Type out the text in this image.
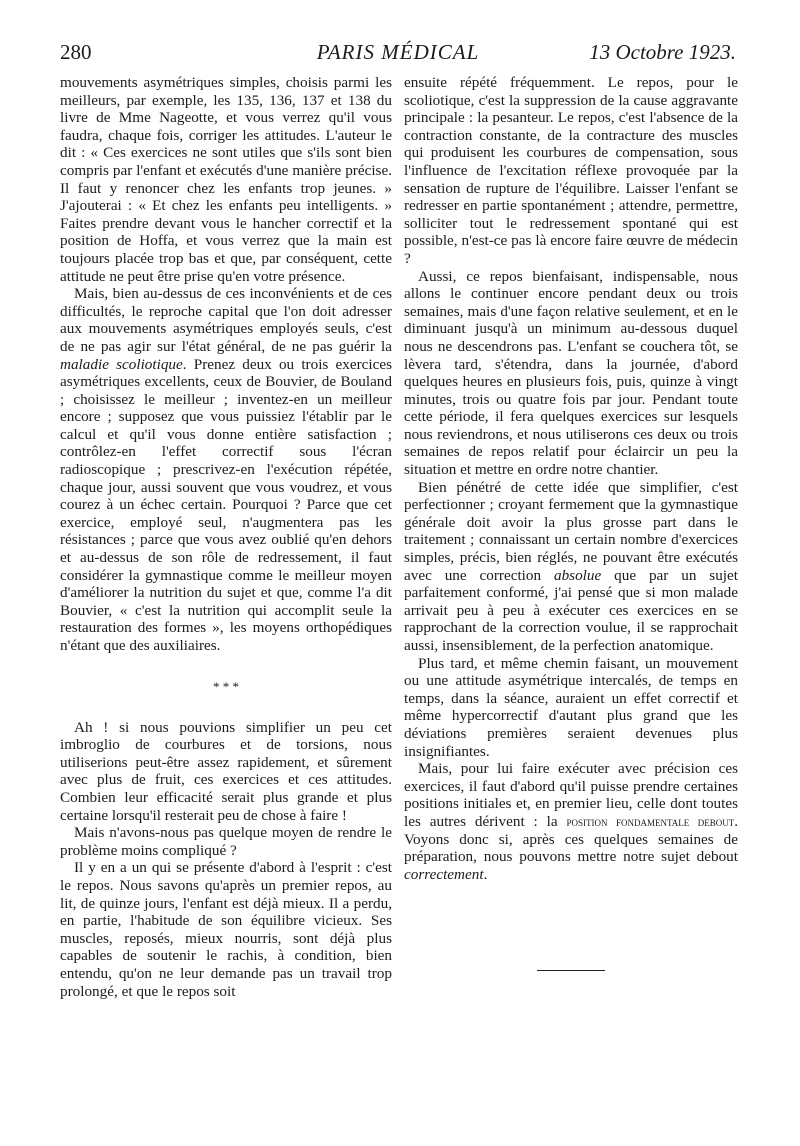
280	PARIS MÉDICAL	13 Octobre 1923.

mouvements asymétriques simples, choisis parmi les meilleurs, par exemple, les 135, 136, 137 et 138 du livre de Mme Nageotte, et vous verrez qu'il vous faudra, chaque fois, corriger les attitudes. L'auteur le dit : « Ces exercices ne sont utiles que s'ils sont bien compris par l'enfant et exécutés d'une manière précise. Il faut y renoncer chez les enfants trop jeunes. » J'ajouterai : « Et chez les enfants peu intelligents. » Faites prendre devant vous le hancher correctif et la position de Hoffa, et vous verrez que la main est toujours placée trop bas et que, par conséquent, cette attitude ne peut être prise qu'en votre présence.

Mais, bien au-dessus de ces inconvénients et de ces difficultés, le reproche capital que l'on doit adresser aux mouvements asymétriques employés seuls, c'est de ne pas agir sur l'état général, de ne pas guérir la maladie scoliotique. Prenez deux ou trois exercices asymétriques excellents, ceux de Bouvier, de Bouland ; choisissez le meilleur ; inventez-en un meilleur encore ; supposez que vous puissiez l'établir par le calcul et qu'il vous donne entière satisfaction ; contrôlez-en l'effet correctif sous l'écran radioscopique ; prescrivez-en l'exécution répétée, chaque jour, aussi souvent que vous voudrez, et vous courez à un échec certain. Pourquoi ? Parce que cet exercice, employé seul, n'augmentera pas les résistances ; parce que vous avez oublié qu'en dehors et au-dessus de son rôle de redressement, il faut considérer la gymnastique comme le meilleur moyen d'améliorer la nutrition du sujet et que, comme l'a dit Bouvier, « c'est la nutrition qui accomplit seule la restauration des formes », les moyens orthopédiques n'étant que des auxiliaires.

* * *

Ah ! si nous pouvions simplifier un peu cet imbroglio de courbures et de torsions, nous utiliserions peut-être assez rapidement, et sûrement avec plus de fruit, ces exercices et ces attitudes. Combien leur efficacité serait plus grande et plus certaine lorsqu'il resterait peu de chose à faire !

Mais n'avons-nous pas quelque moyen de rendre le problème moins compliqué ?

Il y en a un qui se présente d'abord à l'esprit : c'est le repos. Nous savons qu'après un premier repos, au lit, de quinze jours, l'enfant est déjà mieux. Il a perdu, en partie, l'habitude de son équilibre vicieux. Ses muscles, reposés, mieux nourris, sont déjà plus capables de soutenir le rachis, à condition, bien entendu, qu'on ne leur demande pas un travail trop prolongé, et que le repos soit

ensuite répété fréquemment. Le repos, pour le scoliotique, c'est la suppression de la cause aggravante principale : la pesanteur. Le repos, c'est l'absence de la contraction constante, de la contracture des muscles qui produisent les courbures de compensation, sous l'influence de l'excitation réflexe provoquée par la sensation de rupture de l'équilibre. Laisser l'enfant se redresser en partie spontanément ; attendre, permettre, solliciter tout le redressement spontané qui est possible, n'est-ce pas là encore faire œuvre de médecin ?

Aussi, ce repos bienfaisant, indispensable, nous allons le continuer encore pendant deux ou trois semaines, mais d'une façon relative seulement, et en le diminuant jusqu'à un minimum au-dessous duquel nous ne descendrons pas. L'enfant se couchera tôt, se lèvera tard, s'étendra, dans la journée, d'abord quelques heures en plusieurs fois, puis, quinze à vingt minutes, trois ou quatre fois par jour. Pendant toute cette période, il fera quelques exercices sur lesquels nous reviendrons, et nous utiliserons ces deux ou trois semaines de repos relatif pour éclaircir un peu la situation et mettre en ordre notre chantier.

Bien pénétré de cette idée que simplifier, c'est perfectionner ; croyant fermement que la gymnastique générale doit avoir la plus grosse part dans le traitement ; connaissant un certain nombre d'exercices simples, précis, bien réglés, ne pouvant être exécutés avec une correction absolue que par un sujet parfaitement conformé, j'ai pensé que si mon malade arrivait peu à peu à exécuter ces exercices en se rapprochant de la correction voulue, il se rapprochait aussi, insensiblement, de la perfection anatomique.

Plus tard, et même chemin faisant, un mouvement ou une attitude asymétrique intercalés, de temps en temps, dans la séance, auraient un effet correctif et même hypercorrectif d'autant plus grand que les déviations premières seraient devenues plus insignifiantes.

Mais, pour lui faire exécuter avec précision ces exercices, il faut d'abord qu'il puisse prendre certaines positions initiales et, en premier lieu, celle dont toutes les autres dérivent : la position fondamentale debout. Voyons donc si, après ces quelques semaines de préparation, nous pouvons mettre notre sujet debout correctement.
